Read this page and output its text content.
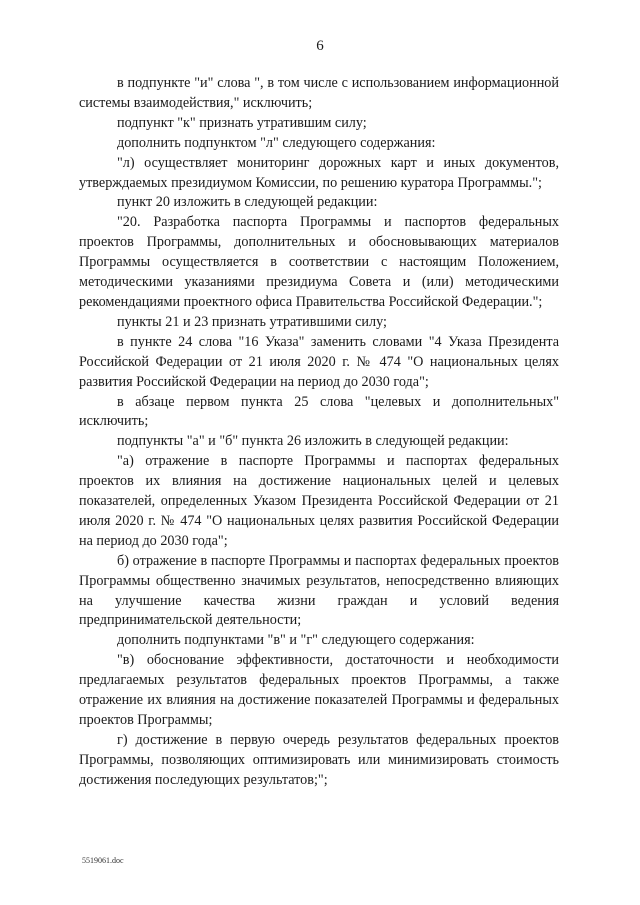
6

в подпункте "и" слова ", в том числе с использованием информационной системы взаимодействия," исключить;

подпункт "к" признать утратившим силу;

дополнить подпунктом "л" следующего содержания:

"л) осуществляет мониторинг дорожных карт и иных документов, утверждаемых президиумом Комиссии, по решению куратора Программы.";

пункт 20 изложить в следующей редакции:

"20. Разработка паспорта Программы и паспортов федеральных проектов Программы, дополнительных и обосновывающих материалов Программы осуществляется в соответствии с настоящим Положением, методическими указаниями президиума Совета и (или) методическими рекомендациями проектного офиса Правительства Российской Федерации.";

пункты 21 и 23 признать утратившими силу;

в пункте 24 слова "16 Указа" заменить словами "4 Указа Президента Российской Федерации от 21 июля 2020 г. № 474 "О национальных целях развития Российской Федерации на период до 2030 года";

в абзаце первом пункта 25 слова "целевых и дополнительных" исключить;

подпункты "а" и "б" пункта 26 изложить в следующей редакции:

"а) отражение в паспорте Программы и паспортах федеральных проектов их влияния на достижение национальных целей и целевых показателей, определенных Указом Президента Российской Федерации от 21 июля 2020 г. № 474 "О национальных целях развития Российской Федерации на период до 2030 года";

б) отражение в паспорте Программы и паспортах федеральных проектов Программы общественно значимых результатов, непосредственно влияющих на улучшение качества жизни граждан и условий ведения предпринимательской деятельности;

дополнить подпунктами "в" и "г" следующего содержания:

"в) обоснование эффективности, достаточности и необходимости предлагаемых результатов федеральных проектов Программы, а также отражение их влияния на достижение показателей Программы и федеральных проектов Программы;

г) достижение в первую очередь результатов федеральных проектов Программы, позволяющих оптимизировать или минимизировать стоимость достижения последующих результатов;";

5519061.doc
